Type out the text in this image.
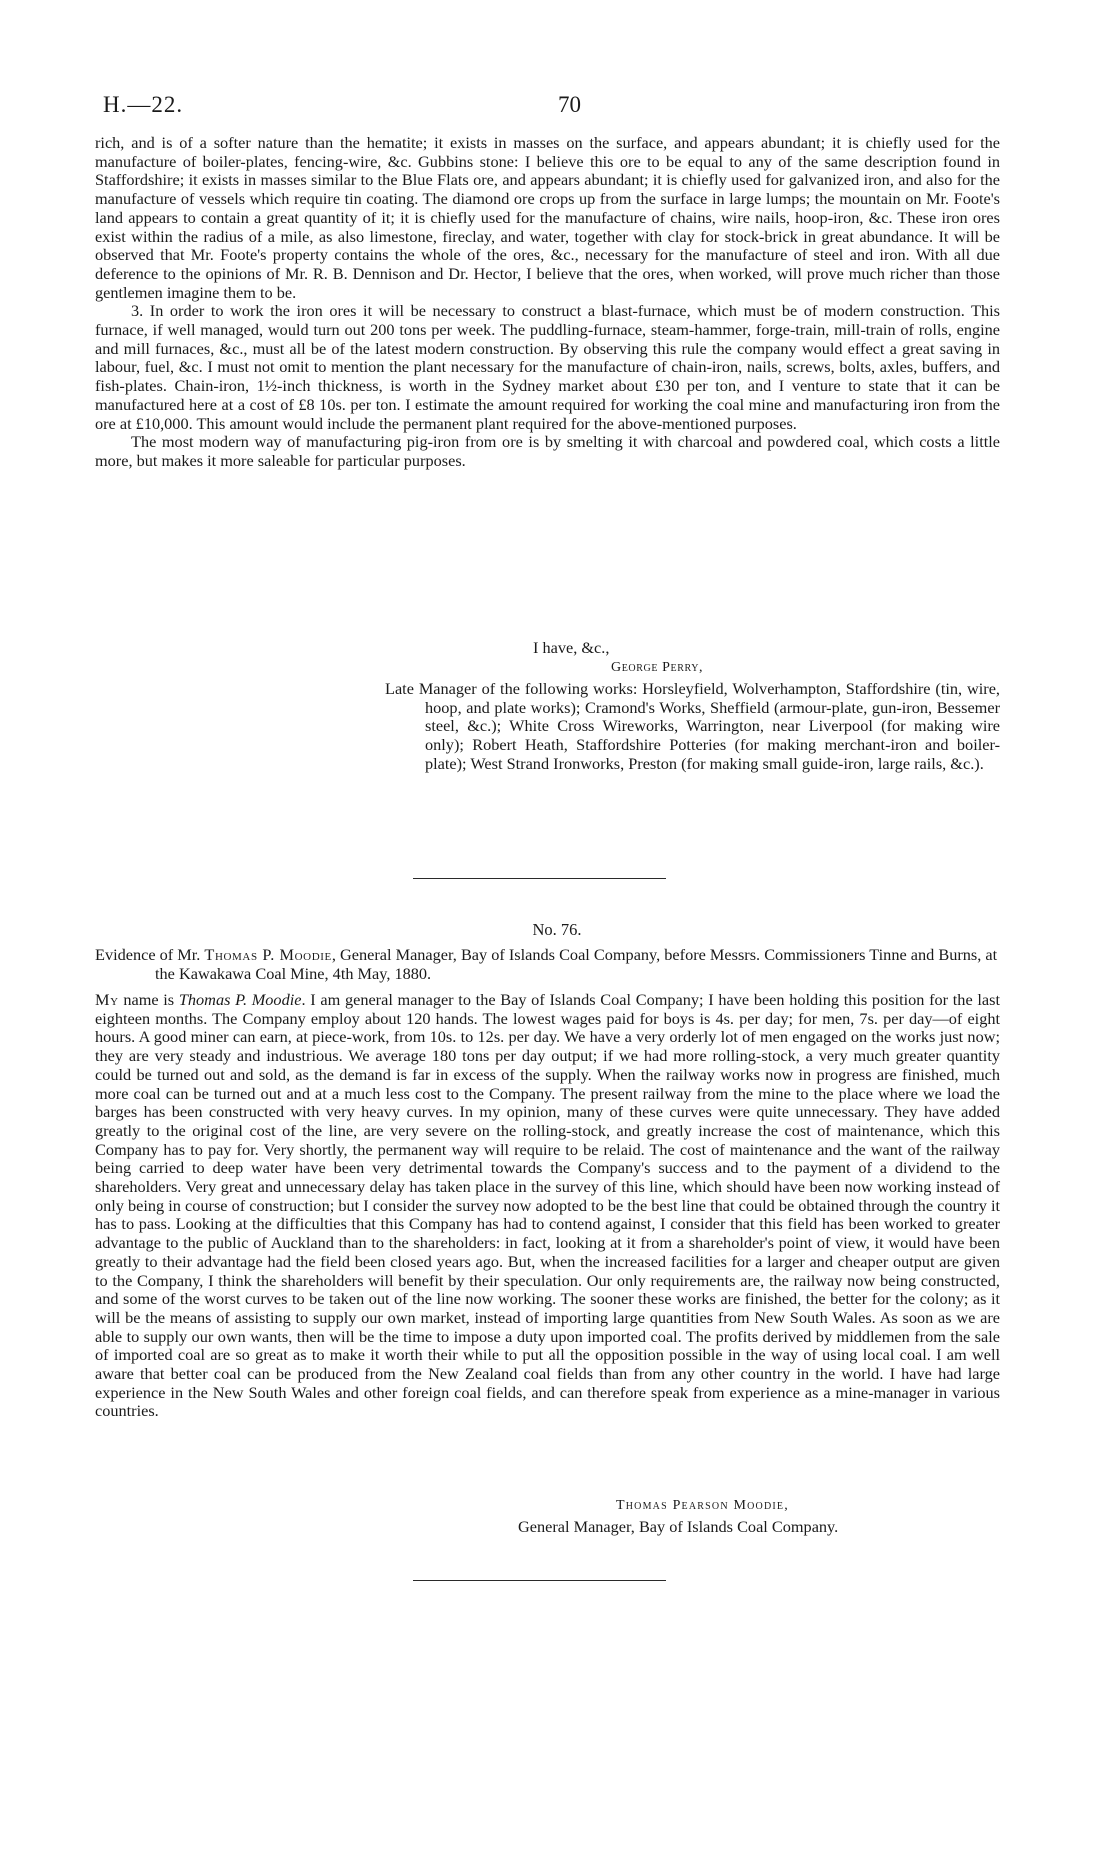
H.—22.	70

rich, and is of a softer nature than the hematite; it exists in masses on the surface, and appears abundant; it is chiefly used for the manufacture of boiler-plates, fencing-wire, &c. Gubbins stone: I believe this ore to be equal to any of the same description found in Staffordshire; it exists in masses similar to the Blue Flats ore, and appears abundant; it is chiefly used for galvanized iron, and also for the manufacture of vessels which require tin coating. The diamond ore crops up from the surface in large lumps; the mountain on Mr. Foote's land appears to contain a great quantity of it; it is chiefly used for the manufacture of chains, wire nails, hoop-iron, &c. These iron ores exist within the radius of a mile, as also limestone, fireclay, and water, together with clay for stock-brick in great abundance. It will be observed that Mr. Foote's property contains the whole of the ores, &c., necessary for the manufacture of steel and iron. With all due deference to the opinions of Mr. R. B. Dennison and Dr. Hector, I believe that the ores, when worked, will prove much richer than those gentlemen imagine them to be.

3. In order to work the iron ores it will be necessary to construct a blast-furnace, which must be of modern construction. This furnace, if well managed, would turn out 200 tons per week. The puddling-furnace, steam-hammer, forge-train, mill-train of rolls, engine and mill furnaces, &c., must all be of the latest modern construction. By observing this rule the company would effect a great saving in labour, fuel, &c. I must not omit to mention the plant necessary for the manufacture of chain-iron, nails, screws, bolts, axles, buffers, and fish-plates. Chain-iron, 1½-inch thickness, is worth in the Sydney market about £30 per ton, and I venture to state that it can be manufactured here at a cost of £8 10s. per ton. I estimate the amount required for working the coal mine and manufacturing iron from the ore at £10,000. This amount would include the permanent plant required for the above-mentioned purposes.

The most modern way of manufacturing pig-iron from ore is by smelting it with charcoal and powdered coal, which costs a little more, but makes it more saleable for particular purposes.

I have, &c.,
George Perry,

Late Manager of the following works: Horsleyfield, Wolverhampton, Staffordshire (tin, wire, hoop, and plate works); Cramond's Works, Sheffield (armour-plate, gun-iron, Bessemer steel, &c.); White Cross Wireworks, Warrington, near Liverpool (for making wire only); Robert Heath, Staffordshire Potteries (for making merchant-iron and boiler-plate); West Strand Ironworks, Preston (for making small guide-iron, large rails, &c.).

No. 76.

Evidence of Mr. Thomas P. Moodie, General Manager, Bay of Islands Coal Company, before Messrs. Commissioners Tinne and Burns, at the Kawakawa Coal Mine, 4th May, 1880.

My name is Thomas P. Moodie. I am general manager to the Bay of Islands Coal Company; I have been holding this position for the last eighteen months. The Company employ about 120 hands. The lowest wages paid for boys is 4s. per day; for men, 7s. per day—of eight hours. A good miner can earn, at piece-work, from 10s. to 12s. per day. We have a very orderly lot of men engaged on the works just now; they are very steady and industrious. We average 180 tons per day output; if we had more rolling-stock, a very much greater quantity could be turned out and sold, as the demand is far in excess of the supply. When the railway works now in progress are finished, much more coal can be turned out and at a much less cost to the Company. The present railway from the mine to the place where we load the barges has been constructed with very heavy curves. In my opinion, many of these curves were quite unnecessary. They have added greatly to the original cost of the line, are very severe on the rolling-stock, and greatly increase the cost of maintenance, which this Company has to pay for. Very shortly, the permanent way will require to be relaid. The cost of maintenance and the want of the railway being carried to deep water have been very detrimental towards the Company's success and to the payment of a dividend to the shareholders. Very great and unnecessary delay has taken place in the survey of this line, which should have been now working instead of only being in course of construction; but I consider the survey now adopted to be the best line that could be obtained through the country it has to pass. Looking at the difficulties that this Company has had to contend against, I consider that this field has been worked to greater advantage to the public of Auckland than to the shareholders: in fact, looking at it from a shareholder's point of view, it would have been greatly to their advantage had the field been closed years ago. But, when the increased facilities for a larger and cheaper output are given to the Company, I think the shareholders will benefit by their speculation. Our only requirements are, the railway now being constructed, and some of the worst curves to be taken out of the line now working. The sooner these works are finished, the better for the colony; as it will be the means of assisting to supply our own market, instead of importing large quantities from New South Wales. As soon as we are able to supply our own wants, then will be the time to impose a duty upon imported coal. The profits derived by middlemen from the sale of imported coal are so great as to make it worth their while to put all the opposition possible in the way of using local coal. I am well aware that better coal can be produced from the New Zealand coal fields than from any other country in the world. I have had large experience in the New South Wales and other foreign coal fields, and can therefore speak from experience as a mine-manager in various countries.

Thomas Pearson Moodie,
General Manager, Bay of Islands Coal Company.
